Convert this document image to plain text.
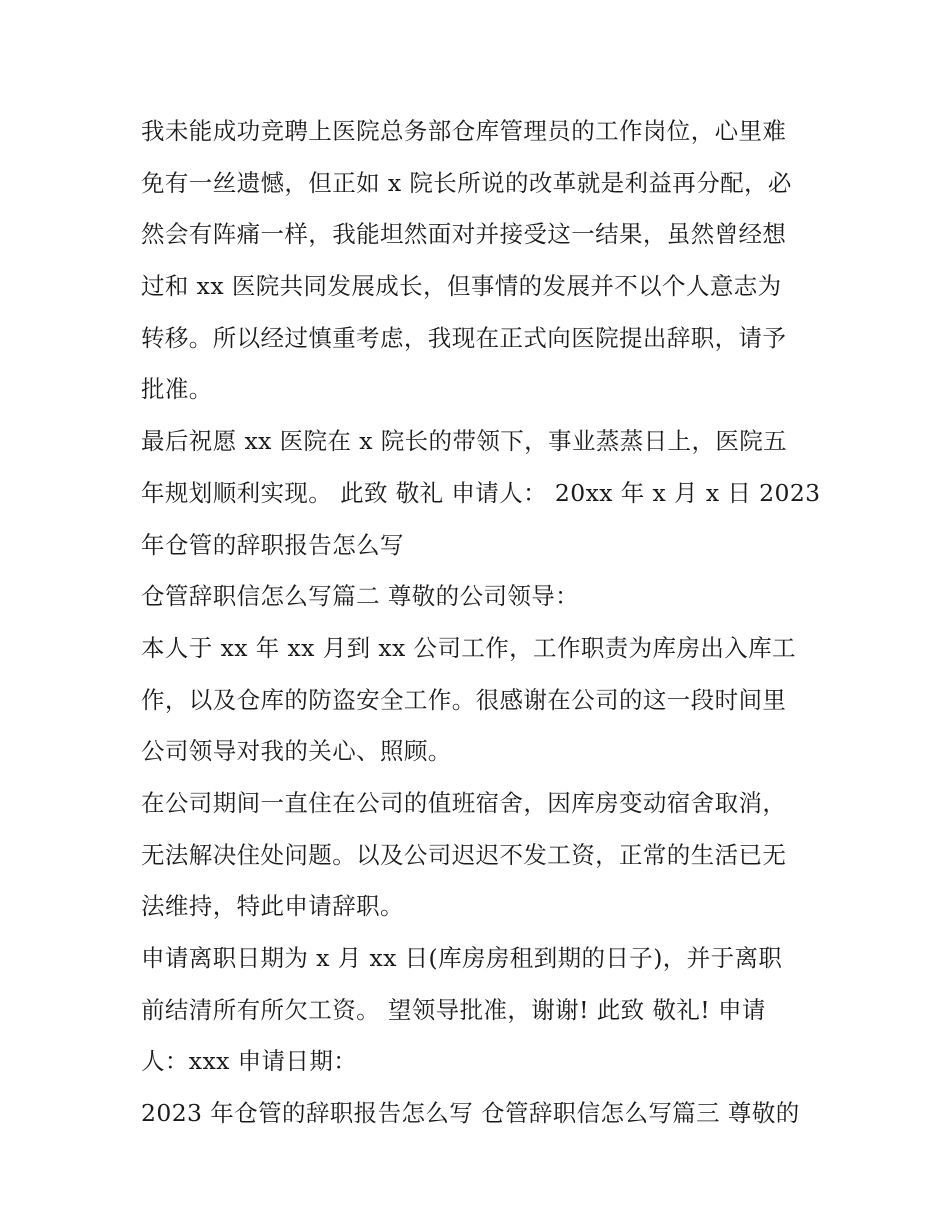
我未能成功竞聘上医院总务部仓库管理员的工作岗位，心里难
免有一丝遗憾，但正如 x 院长所说的改革就是利益再分配，必
然会有阵痛一样，我能坦然面对并接受这一结果，虽然曾经想
过和 xx 医院共同发展成长，但事情的发展并不以个人意志为
转移。所以经过慎重考虑，我现在正式向医院提出辞职，请予
批准。
最后祝愿 xx 医院在 x 院长的带领下，事业蒸蒸日上，医院五
年规划顺利实现。 此致 敬礼 申请人： 20xx 年 x 月 x 日 2023
年仓管的辞职报告怎么写
仓管辞职信怎么写篇二 尊敬的公司领导：
本人于 xx 年 xx 月到 xx 公司工作，工作职责为库房出入库工
作，以及仓库的防盗安全工作。很感谢在公司的这一段时间里
公司领导对我的关心、照顾。
在公司期间一直住在公司的值班宿舍，因库房变动宿舍取消，
无法解决住处问题。以及公司迟迟不发工资，正常的生活已无
法维持，特此申请辞职。
申请离职日期为 x 月 xx 日(库房房租到期的日子)，并于离职
前结清所有所欠工资。 望领导批准，谢谢! 此致 敬礼! 申请
人：xxx 申请日期：
2023 年仓管的辞职报告怎么写 仓管辞职信怎么写篇三 尊敬的
